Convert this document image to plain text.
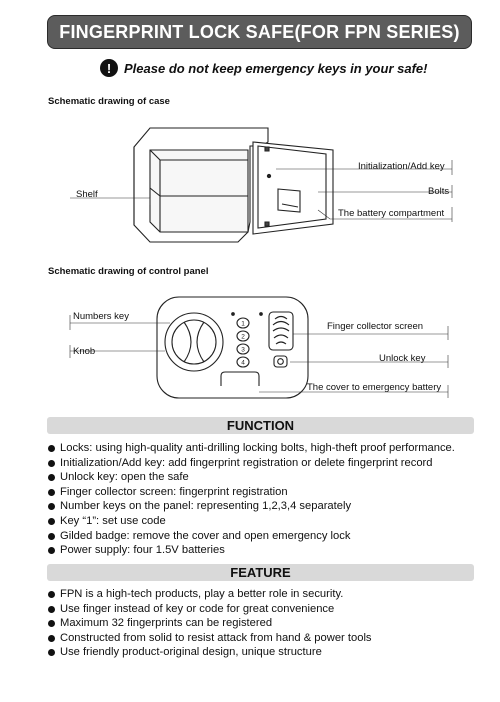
FINGERPRINT LOCK SAFE(FOR FPN SERIES)
! Please do not keep emergency keys in your safe!
Schematic drawing of case
Initialization/Add key
Bolts
The battery compartment
Shelf
Schematic drawing of control panel
1
2
3
4
Numbers key
Knob
Finger collector screen
Unlock key
The cover to emergency battery
FUNCTION
Locks: using high-quality anti-drilling locking bolts, high-theft proof performance.
Initialization/Add key: add fingerprint registration or delete fingerprint record
Unlock key: open the safe
Finger collector screen: fingerprint registration
Number keys on the panel: representing 1,2,3,4 separately
Key “1”: set use code
Gilded badge: remove the cover and open emergency lock
Power supply: four 1.5V batteries
FEATURE
FPN is a high-tech products, play a better role in security.
Use finger instead of key or code for great convenience
Maximum 32 fingerprints can be registered
Constructed from solid to resist attack from hand & power tools
Use friendly product-original design, unique structure
